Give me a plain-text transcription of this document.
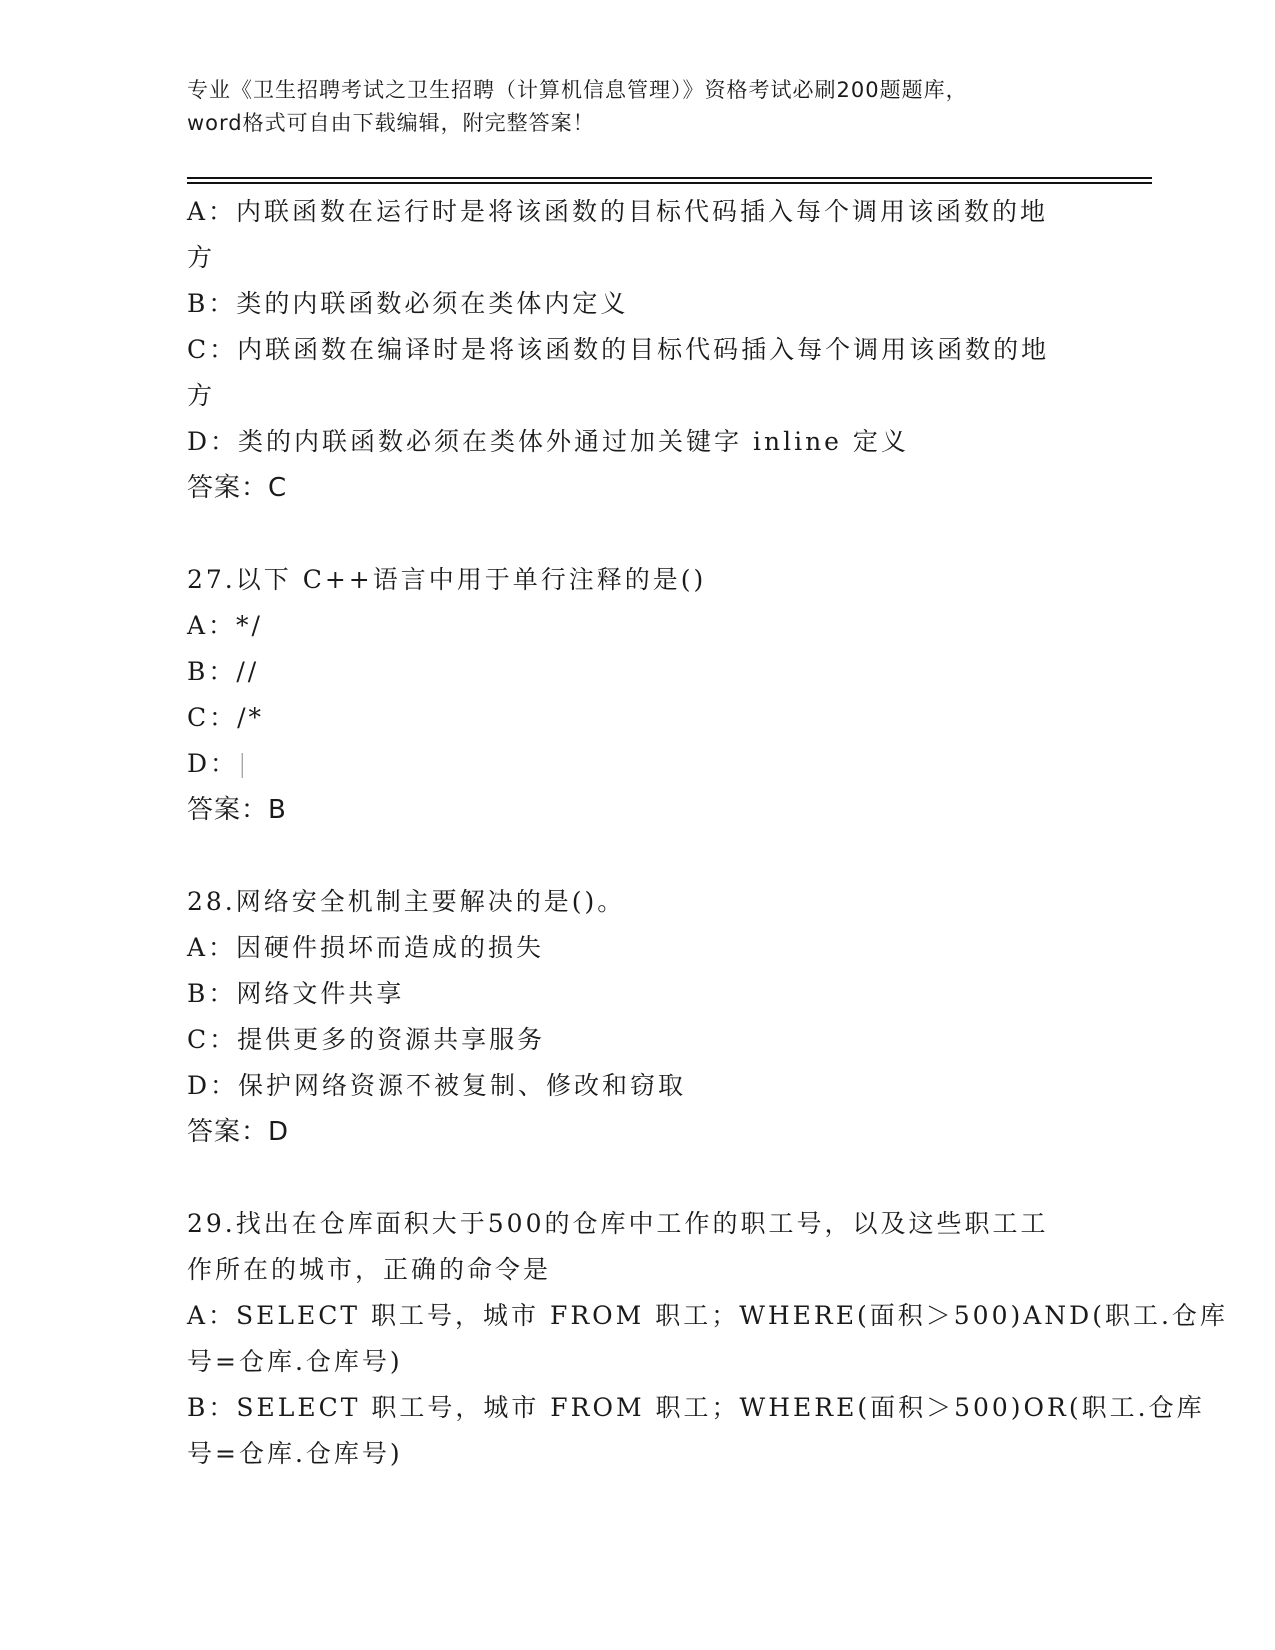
专业《卫生招聘考试之卫生招聘（计算机信息管理）》资格考试必刷200题题库，
word格式可自由下载编辑，附完整答案！
A：内联函数在运行时是将该函数的目标代码插入每个调用该函数的地
方
B：类的内联函数必须在类体内定义
C：内联函数在编译时是将该函数的目标代码插入每个调用该函数的地
方
D：类的内联函数必须在类体外通过加关键字 inline 定义
答案：C
27.以下 C++语言中用于单行注释的是()
A：*/
B：//
C：/*
D：|
答案：B
28.网络安全机制主要解决的是()。
A：因硬件损坏而造成的损失
B：网络文件共享
C：提供更多的资源共享服务
D：保护网络资源不被复制、修改和窃取
答案：D
29.找出在仓库面积大于500的仓库中工作的职工号，以及这些职工工
作所在的城市，正确的命令是
A：SELECT 职工号，城市 FROM 职工；WHERE(面积＞500)AND(职工.仓库
号=仓库.仓库号)
B：SELECT 职工号，城市 FROM 职工；WHERE(面积＞500)OR(职工.仓库
号=仓库.仓库号)
